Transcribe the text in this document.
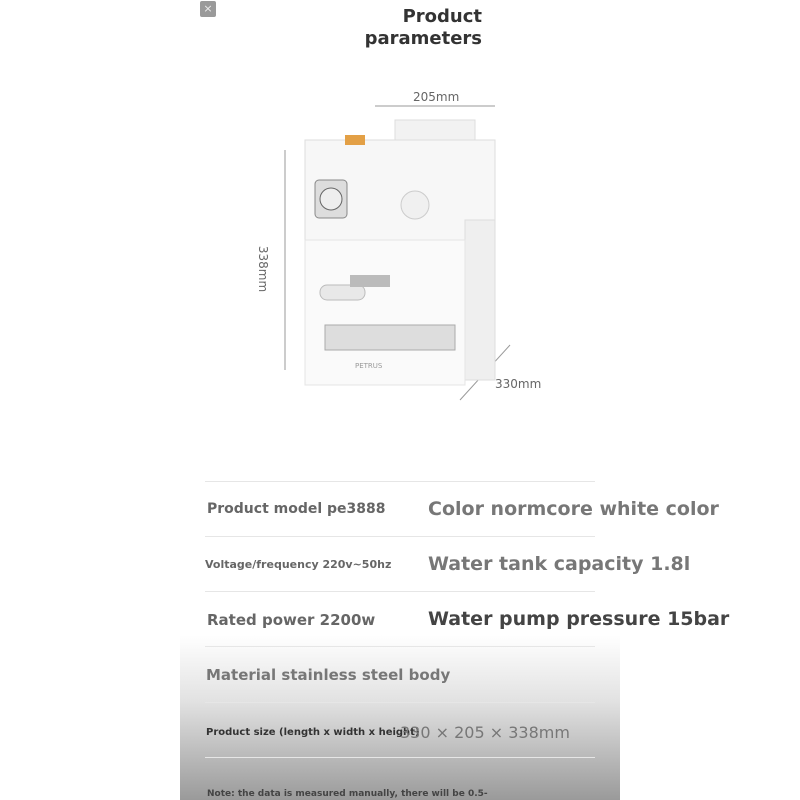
×	Product parameters
PETRUS
205mm
338mm
330mm
Product model pe3888 Color normcore white color
Voltage/frequency 220v~50hz Water tank capacity 1.8l
Rated power 2200w	Water pump pressure 15bar
Material stainless steel body
Product size (length x width x height)
330 × 205 × 338mm
Note: the data is measured manually, there will be 0.5-
